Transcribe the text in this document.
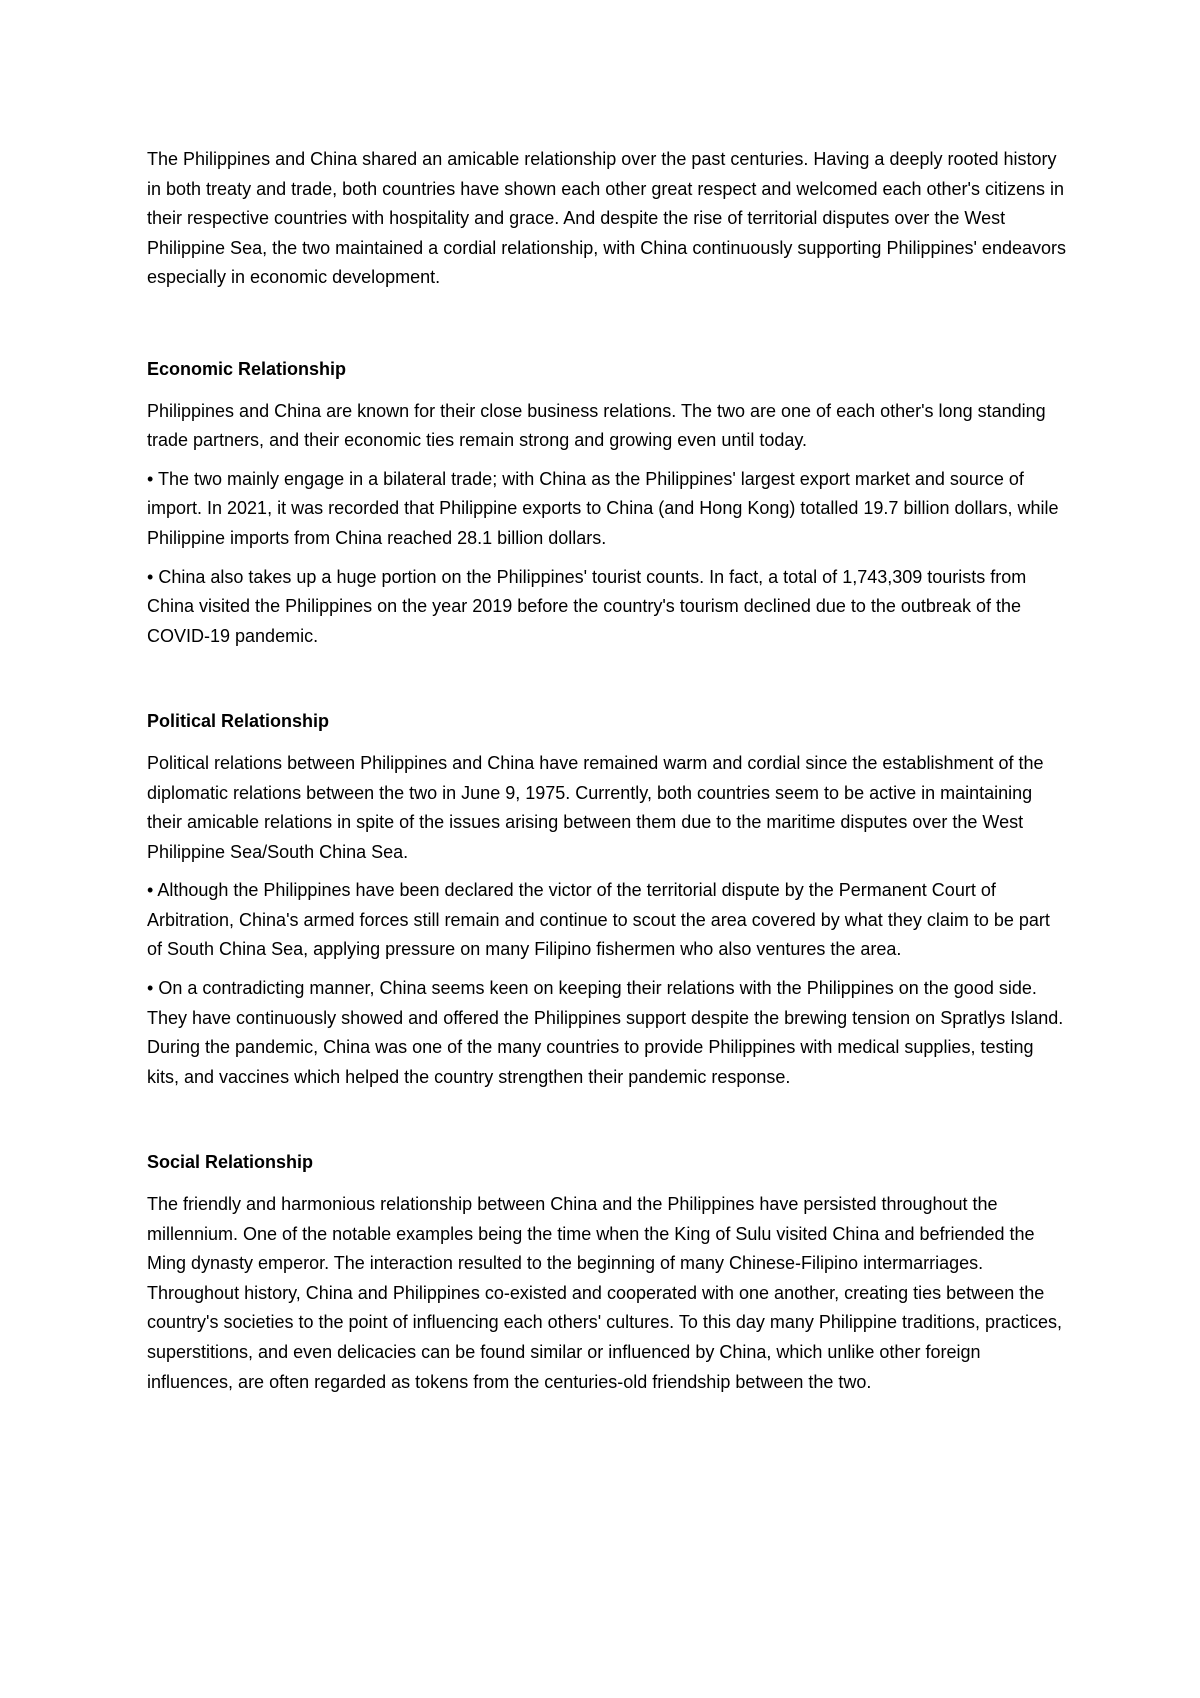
The Philippines and China shared an amicable relationship over the past centuries. Having a deeply rooted history in both treaty and trade, both countries have shown each other great respect and welcomed each other's citizens in their respective countries with hospitality and grace. And despite the rise of territorial disputes over the West Philippine Sea, the two maintained a cordial relationship, with China continuously supporting Philippines' endeavors especially in economic development.

Economic Relationship

Philippines and China are known for their close business relations. The two are one of each other's long standing trade partners, and their economic ties remain strong and growing even until today.

• The two mainly engage in a bilateral trade; with China as the Philippines' largest export market and source of import. In 2021, it was recorded that Philippine exports to China (and Hong Kong) totalled 19.7 billion dollars, while Philippine imports from China reached 28.1 billion dollars.

• China also takes up a huge portion on the Philippines' tourist counts. In fact, a total of 1,743,309 tourists from China visited the Philippines on the year 2019 before the country's tourism declined due to the outbreak of the COVID-19 pandemic.

Political Relationship

Political relations between Philippines and China have remained warm and cordial since the establishment of the diplomatic relations between the two in June 9, 1975. Currently, both countries seem to be active in maintaining their amicable relations in spite of the issues arising between them due to the maritime disputes over the West Philippine Sea/South China Sea.

• Although the Philippines have been declared the victor of the territorial dispute by the Permanent Court of Arbitration, China's armed forces still remain and continue to scout the area covered by what they claim to be part of South China Sea, applying pressure on many Filipino fishermen who also ventures the area.

• On a contradicting manner, China seems keen on keeping their relations with the Philippines on the good side. They have continuously showed and offered the Philippines support despite the brewing tension on Spratlys Island. During the pandemic, China was one of the many countries to provide Philippines with medical supplies, testing kits, and vaccines which helped the country strengthen their pandemic response.

Social Relationship

The friendly and harmonious relationship between China and the Philippines have persisted throughout the millennium. One of the notable examples being the time when the King of Sulu visited China and befriended the Ming dynasty emperor. The interaction resulted to the beginning of many Chinese-Filipino intermarriages. Throughout history, China and Philippines co-existed and cooperated with one another, creating ties between the country's societies to the point of influencing each others' cultures. To this day many Philippine traditions, practices, superstitions, and even delicacies can be found similar or influenced by China, which unlike other foreign influences, are often regarded as tokens from the centuries-old friendship between the two.
